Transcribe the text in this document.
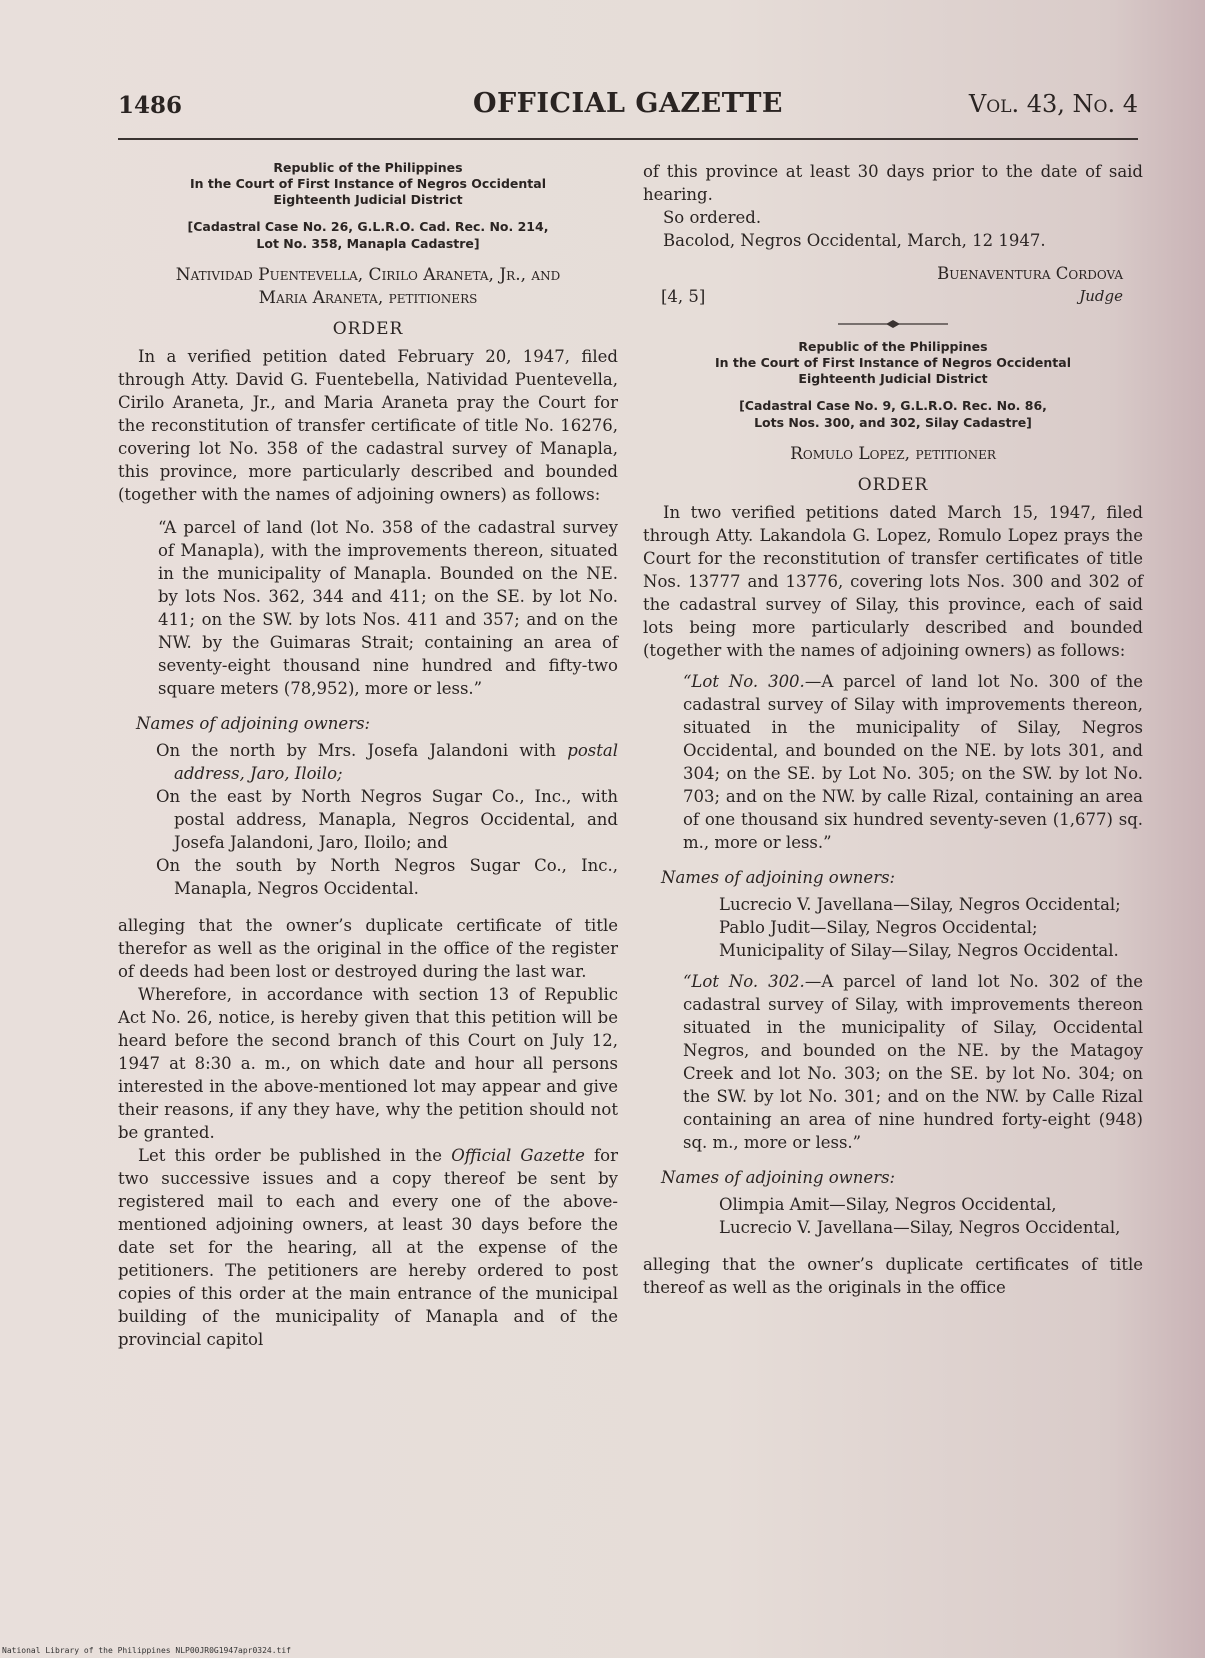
1486	OFFICIAL GAZETTE	Vol. 43, No. 4
Republic of the Philippines
In the Court of First Instance of Negros Occidental
Eighteenth Judicial District
[Cadastral Case No. 26, G.L.R.O. Cad. Rec. No. 214,
Lot No. 358, Manapla Cadastre]
Natividad Puentevella, Cirilo Araneta, Jr., and
Maria Araneta, petitioners
ORDER

In a verified petition dated February 20, 1947, filed through Atty. David G. Fuentebella, Natividad Puentevella, Cirilo Araneta, Jr., and Maria Araneta pray the Court for the reconstitution of transfer certificate of title No. 16276, covering lot No. 358 of the cadastral survey of Manapla, this province, more particularly described and bounded (together with the names of adjoining owners) as follows:

“A parcel of land (lot No. 358 of the cadastral survey of Manapla), with the improvements thereon, situated in the municipality of Manapla. Bounded on the NE. by lots Nos. 362, 344 and 411; on the SE. by lot No. 411; on the SW. by lots Nos. 411 and 357; and on the NW. by the Guimaras Strait; containing an area of seventy-eight thousand nine hundred and fifty-two square meters (78,952), more or less.”

Names of adjoining owners:

On the north by Mrs. Josefa Jalandoni with postal address, Jaro, Iloilo;

On the east by North Negros Sugar Co., Inc., with postal address, Manapla, Negros Occidental, and Josefa Jalandoni, Jaro, Iloilo; and

On the south by North Negros Sugar Co., Inc., Manapla, Negros Occidental.

alleging that the owner’s duplicate certificate of title therefor as well as the original in the office of the register of deeds had been lost or destroyed during the last war.

Wherefore, in accordance with section 13 of Republic Act No. 26, notice, is hereby given that this petition will be heard before the second branch of this Court on July 12, 1947 at 8:30 a. m., on which date and hour all persons interested in the above-mentioned lot may appear and give their reasons, if any they have, why the petition should not be granted.

Let this order be published in the Official Gazette for two successive issues and a copy thereof be sent by registered mail to each and every one of the above-mentioned adjoining owners, at least 30 days before the date set for the hearing, all at the expense of the petitioners. The petitioners are hereby ordered to post copies of this order at the main entrance of the municipal building of the municipality of Manapla and of the provincial capitol

of this province at least 30 days prior to the date of said hearing.

So ordered.

Bacolod, Negros Occidental, March, 12 1947.

Buenaventura Cordova
[4, 5]	Judge
Republic of the Philippines
In the Court of First Instance of Negros Occidental
Eighteenth Judicial District
[Cadastral Case No. 9, G.L.R.O. Rec. No. 86,
Lots Nos. 300, and 302, Silay Cadastre]
Romulo Lopez, petitioner
ORDER

In two verified petitions dated March 15, 1947, filed through Atty. Lakandola G. Lopez, Romulo Lopez prays the Court for the reconstitution of transfer certificates of title Nos. 13777 and 13776, covering lots Nos. 300 and 302 of the cadastral survey of Silay, this province, each of said lots being more particularly described and bounded (together with the names of adjoining owners) as follows:

“Lot No. 300.—A parcel of land lot No. 300 of the cadastral survey of Silay with improvements thereon, situated in the municipality of Silay, Negros Occidental, and bounded on the NE. by lots 301, and 304; on the SE. by Lot No. 305; on the SW. by lot No. 703; and on the NW. by calle Rizal, containing an area of one thousand six hundred seventy-seven (1,677) sq. m., more or less.”

Names of adjoining owners:

Lucrecio V. Javellana—Silay, Negros Occidental;

Pablo Judit—Silay, Negros Occidental;

Municipality of Silay—Silay, Negros Occidental.

“Lot No. 302.—A parcel of land lot No. 302 of the cadastral survey of Silay, with improvements thereon situated in the municipality of Silay, Occidental Negros, and bounded on the NE. by the Matagoy Creek and lot No. 303; on the SE. by lot No. 304; on the SW. by lot No. 301; and on the NW. by Calle Rizal containing an area of nine hundred forty-eight (948) sq. m., more or less.”

Names of adjoining owners:

Olimpia Amit—Silay, Negros Occidental,

Lucrecio V. Javellana—Silay, Negros Occidental,

alleging that the owner’s duplicate certificates of title thereof as well as the originals in the office

National Library of the Philippines NLP00JR0G1947apr0324.tif
